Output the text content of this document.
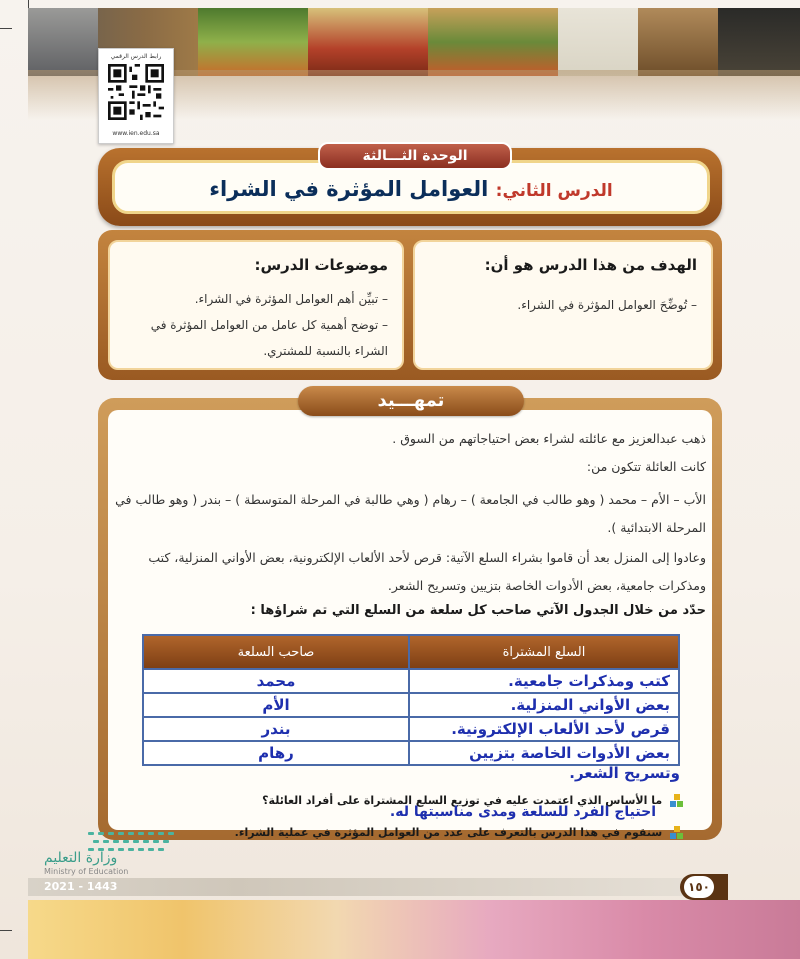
رابط الدرس الرقمي
www.ien.edu.sa
الدرس الثاني: العوامل المؤثرة في الشراء
الوحدة الثـــالثة
الهدف من هذا الدرس هو أن:

– تُوضِّحَ العوامل المؤثرة في الشراء.

موضوعات الدرس:

– تبيِّن أهم العوامل المؤثرة في الشراء.

– توضح أهمية كل عامل من العوامل المؤثرة في الشراء بالنسبة للمشتري.

تمهـــيد
ذهب عبدالعزيز مع عائلته لشراء بعض احتياجاتهم من السوق .
كانت العائلة تتكون من:
الأب – الأم – محمد ( وهو طالب في الجامعة ) – رهام ( وهي طالبة في المرحلة المتوسطة ) – بندر ( وهو طالب في المرحلة الابتدائية ).
وعادوا إلى المنزل بعد أن قاموا بشراء السلع الآتية: قرص لأحد الألعاب الإلكترونية، بعض الأواني المنزلية، كتب ومذكرات جامعية، بعض الأدوات الخاصة بتزيين وتسريح الشعر.
حدّد من خلال الجدول الآتي صاحب كل سلعة من السلع التي تم شراؤها :
السلع المشتراة	صاحب السلعة
كتب ومذكرات جامعية.	محمد
بعض الأواني المنزلية.	الأم
قرص لأحد الألعاب الإلكترونية.	بندر
بعض الأدوات الخاصة بتزيين	رهام
وتسريح الشعر.
ما الأساس الذي اعتمدت عليه في توزيع السلع المشتراة على أفراد العائلة؟
احتياج الفرد للسلعة ومدى مناسبتها له.
سنقوم في هذا الدرس بالتعرف على عدد من العوامل المؤثرة في عملية الشراء.
وزارة التعليم
Ministry of Education
2021 - 1443	١٥٠
